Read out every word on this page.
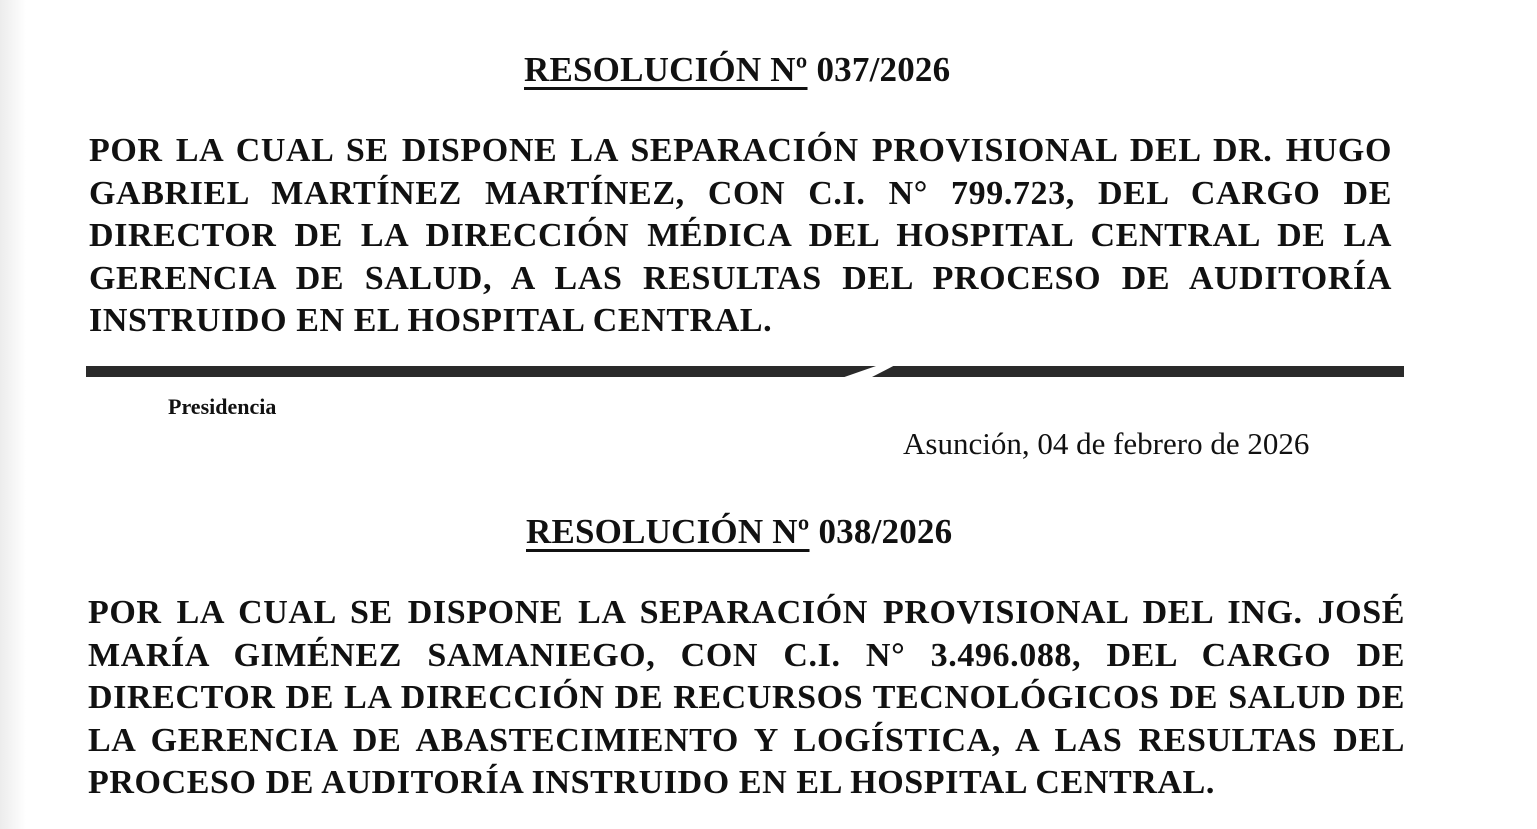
RESOLUCIÓN Nº 037/2026
POR LA CUAL SE DISPONE LA SEPARACIÓN PROVISIONAL DEL DR. HUGO GABRIEL MARTÍNEZ MARTÍNEZ, CON C.I. N° 799.723, DEL CARGO DE DIRECTOR DE LA DIRECCIÓN MÉDICA DEL HOSPITAL CENTRAL DE LA GERENCIA DE SALUD, A LAS RESULTAS DEL PROCESO DE AUDITORÍA INSTRUIDO EN EL HOSPITAL CENTRAL.
Presidencia
Asunción, 04 de febrero de 2026
RESOLUCIÓN Nº 038/2026
POR LA CUAL SE DISPONE LA SEPARACIÓN PROVISIONAL DEL ING. JOSÉ MARÍA GIMÉNEZ SAMANIEGO, CON C.I. N° 3.496.088, DEL CARGO DE DIRECTOR DE LA DIRECCIÓN DE RECURSOS TECNOLÓGICOS DE SALUD DE LA GERENCIA DE ABASTECIMIENTO Y LOGÍSTICA, A LAS RESULTAS DEL PROCESO DE AUDITORÍA INSTRUIDO EN EL HOSPITAL CENTRAL.
